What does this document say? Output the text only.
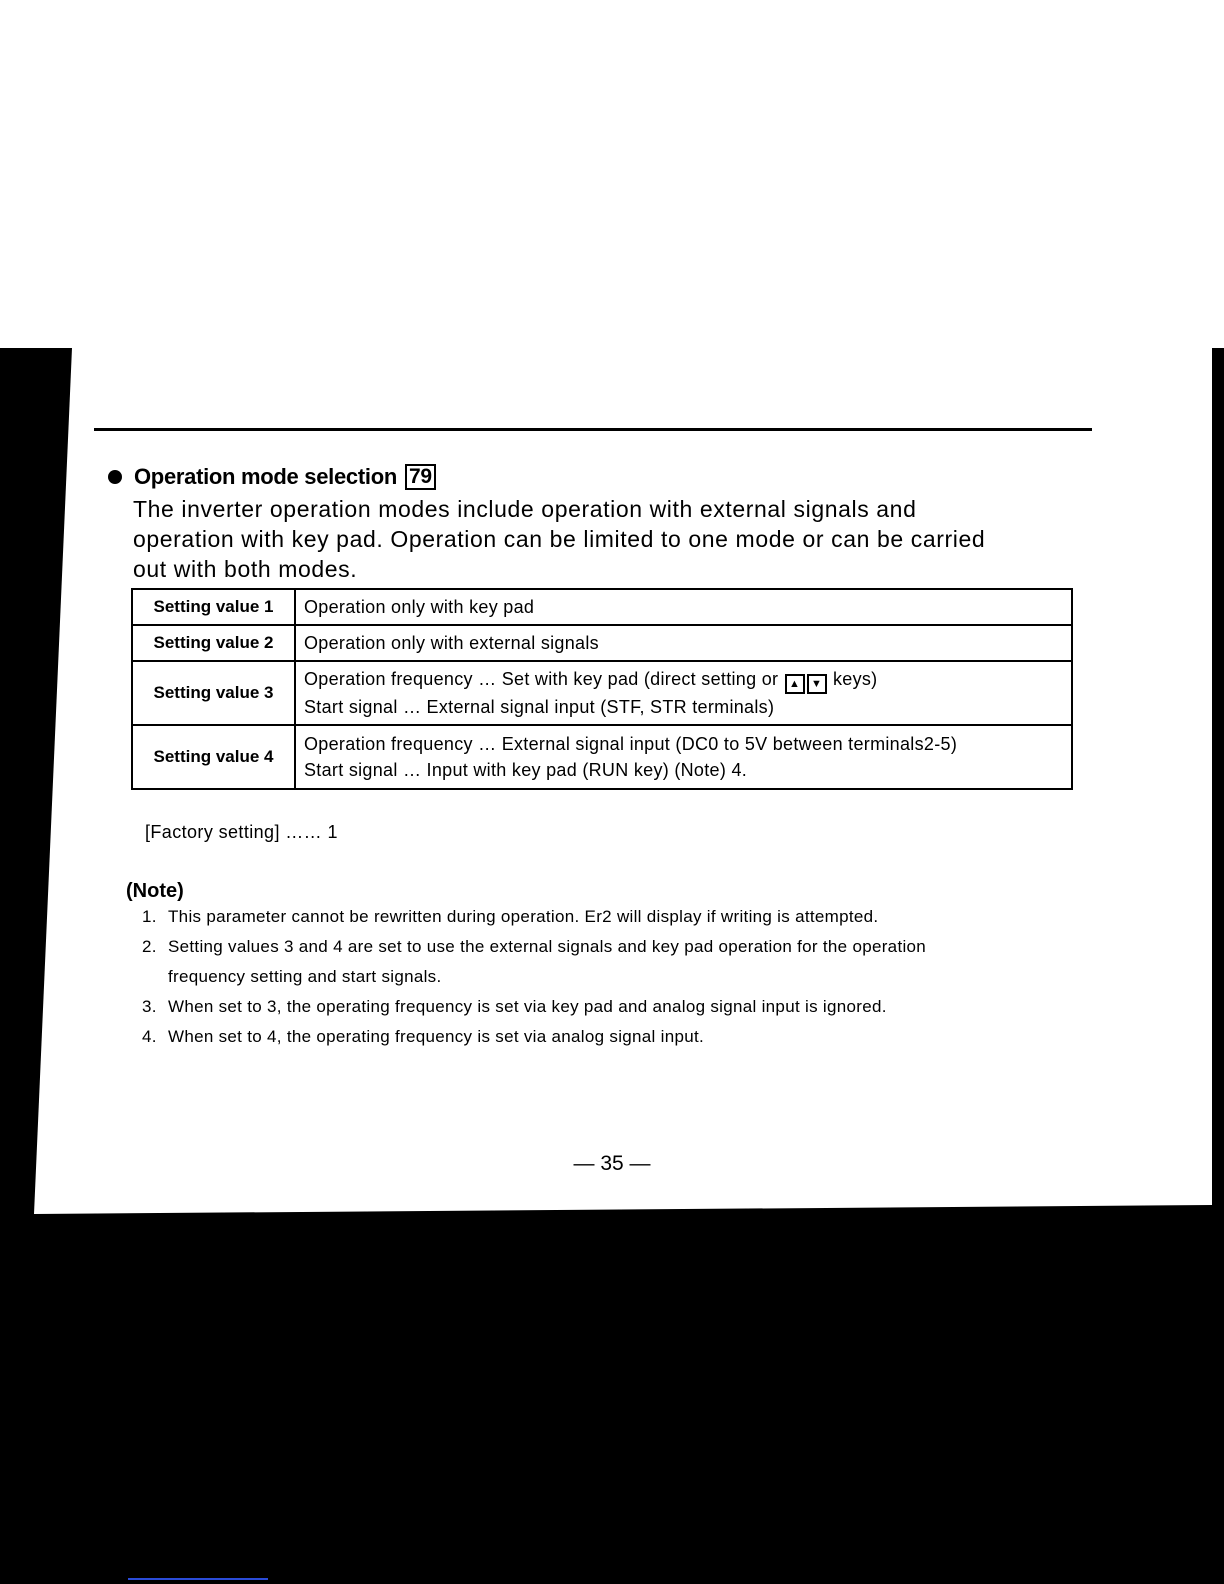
Operation mode selection 79

The inverter operation modes include operation with external signals and operation with key pad. Operation can be limited to one mode or can be carried out with both modes.

Setting value 1	Operation only with key pad
Setting value 2	Operation only with external signals
Setting value 3	Operation frequency … Set with key pad (direct setting or ▲ ▼ keys)
Start signal … External signal input (STF, STR terminals)

Setting value 4	Operation frequency … External signal input (DC0 to 5V between terminals2-5)
Start signal … Input with key pad (RUN key) (Note) 4.
[Factory setting] …… 1
(Note)
1. This parameter cannot be rewritten during operation. Er2 will display if writing is attempted.
2. Setting values 3 and 4 are set to use the external signals and key pad operation for the operation frequency setting and start signals.
3. When set to 3, the operating frequency is set via key pad and analog signal input is ignored.
4. When set to 4, the operating frequency is set via analog signal input.
— 35 —
